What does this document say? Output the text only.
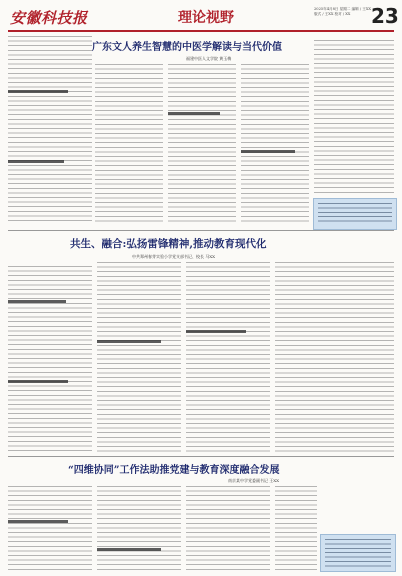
安徽科技报	理论视野
2025年4月8日 星期二 编辑 / 王XX 版式 / 王XX 校对 / XX	23
广东文人养生智慧的中医学解读与当代价值
福建中医人文学院 黄玉梅
共生、融合:弘扬雷锋精神,推动教育现代化
中共郑州春芽实验小学党支部书记、校长 马XX
“四维协同”工作法助推党建与教育深度融合发展
南京某中学党委副书记 王XX
